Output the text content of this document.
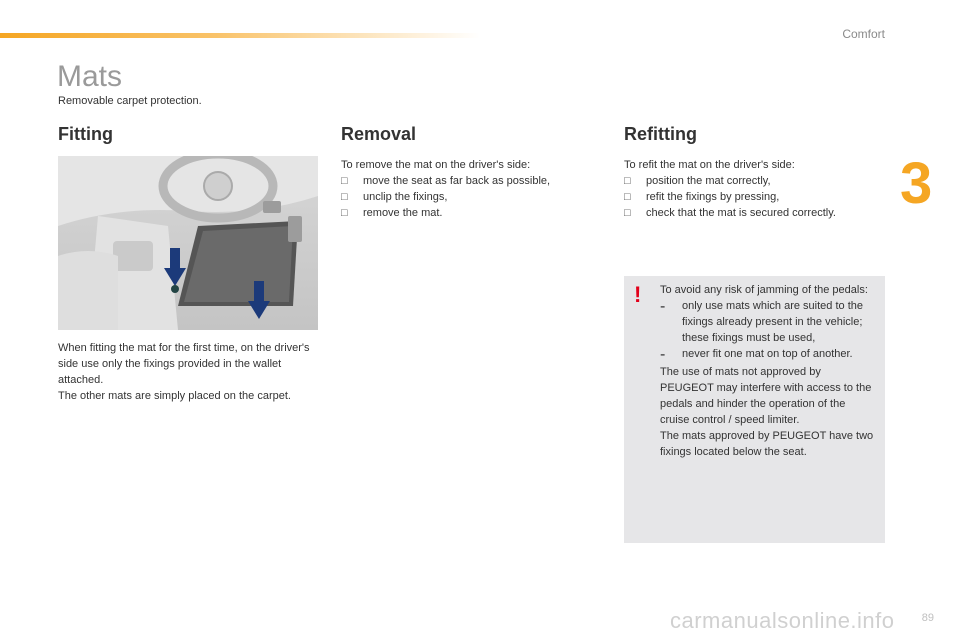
Comfort
3
Mats
Removable carpet protection.
Fitting

When fitting the mat for the first time, on the driver's side use only the fixings provided in the wallet attached.

The other mats are simply placed on the carpet.

Removal

To remove the mat on the driver's side:

□ move the seat as far back as possible,
□ unclip the fixings,
□ remove the mat.
Refitting

To refit the mat on the driver's side:

□ position the mat correctly,
□ refit the fixings by pressing,
□ check that the mat is secured correctly.
! To avoid any risk of jamming of the pedals:

-	only use mats which are suited to the fixings already present in the vehicle; these fixings must be used,

-	never fit one mat on top of another.

The use of mats not approved by PEUGEOT may interfere with access to the pedals and hinder the operation of the cruise control / speed limiter.

The mats approved by PEUGEOT have two fixings located below the seat.

carmanualsonline.info 89
